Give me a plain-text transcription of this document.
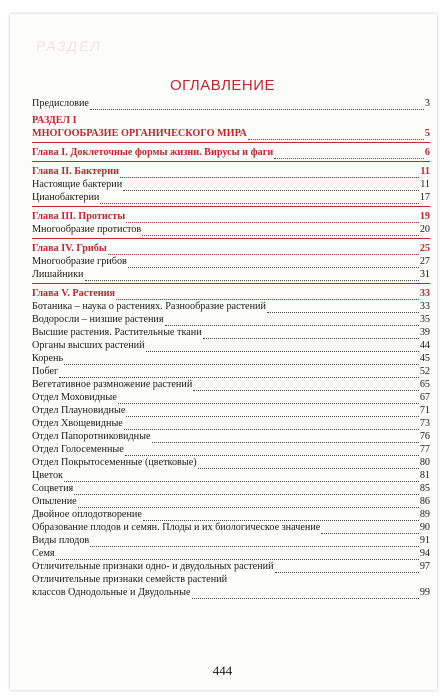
РАЗДЕЛ
ОГЛАВЛЕНИЕ
Предисловие	3
РАЗДЕЛ I
МНОГООБРАЗИЕ ОРГАНИЧЕСКОГО МИРА	5
Глава I. Доклеточные формы жизни. Вирусы и фаги	6
Глава II. Бактерии	11
Настоящие бактерии	11
Цианобактерии	17
Глава III. Протисты	19
Многообразие протистов	20
Глава IV. Грибы	25
Многообразие грибов	27
Лишайники	31
Глава V. Растения	33
Ботаника – наука о растениях. Разнообразие растений	33
Водоросли – низшие растения	35
Высшие растения. Растительные ткани	39
Органы высших растений	44
Корень	45
Побег	52
Вегетативное размножение растений	65
Отдел Моховидные	67
Отдел Плауновидные	71
Отдел Хвощевидные	73
Отдел Папоротниковидные	76
Отдел Голосеменные	77
Отдел Покрытосеменные (цветковые)	80
Цветок	81
Соцветия	85
Опыление	86
Двойное оплодотворение	89
Образование плодов и семян. Плоды и их биологическое значение	90
Виды плодов	91
Семя	94
Отличительные признаки одно- и двудольных растений	97
Отличительные признаки семейств растений
классов Однодольные и Двудольные	99
444
